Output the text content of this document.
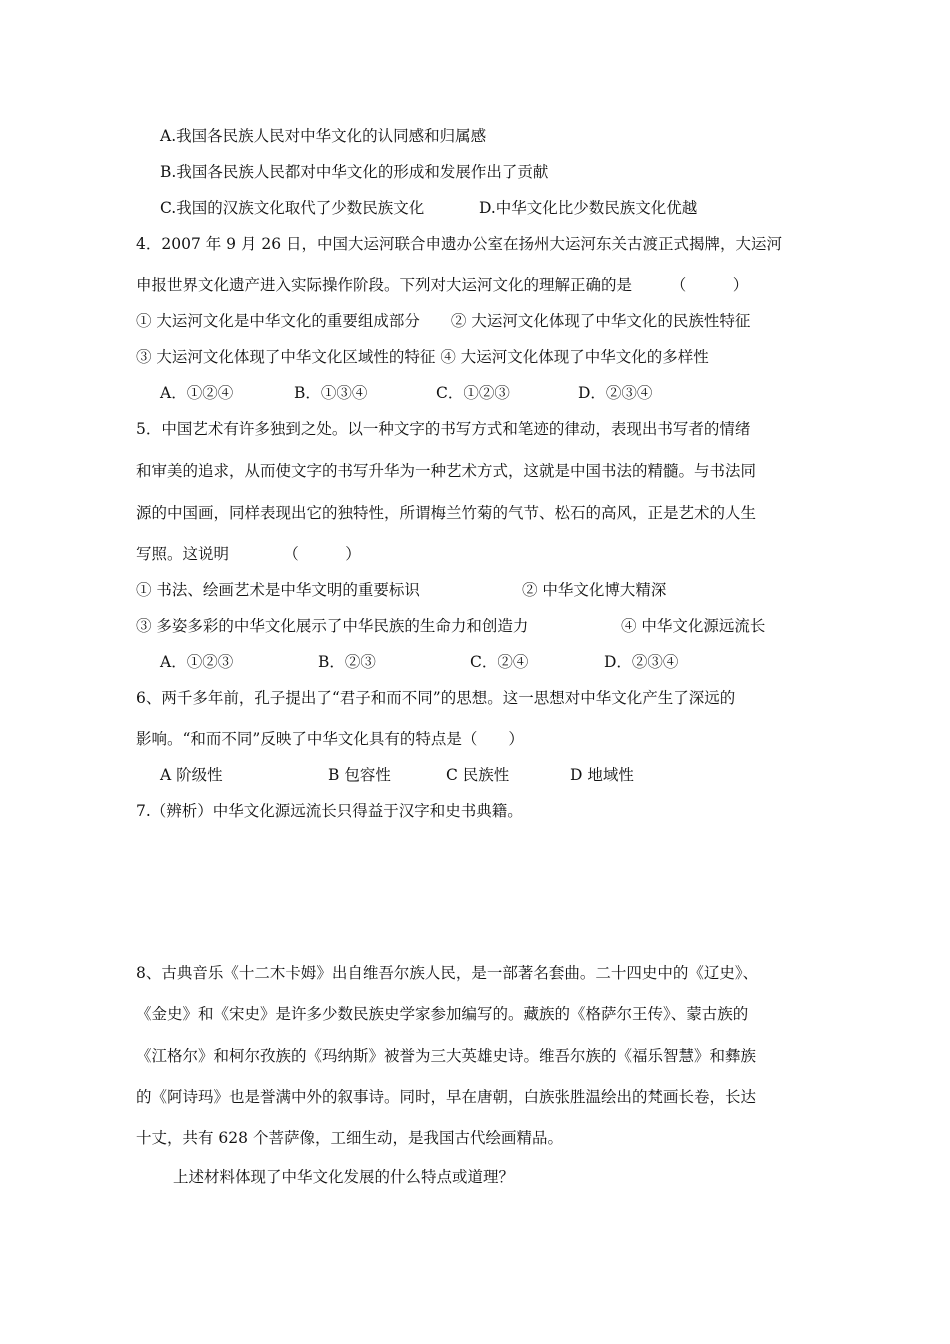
A.我国各民族人民对中华文化的认同感和归属感
B.我国各民族人民都对中华文化的形成和发展作出了贡献
C.我国的汉族文化取代了少数民族文化	D.中华文化比少数民族文化优越
4．2007 年 9 月 26 日，中国大运河联合申遗办公室在扬州大运河东关古渡正式揭牌，大运河
申报世界文化遗产进入实际操作阶段。下列对大运河文化的理解正确的是　　　（　　　）
① 大运河文化是中华文化的重要组成部分　　② 大运河文化体现了中华文化的民族性特征
③ 大运河文化体现了中华文化区域性的特征 ④ 大运河文化体现了中华文化的多样性
A．①②④	B．①③④	C．①②③	D．②③④
5．中国艺术有许多独到之处。以一种文字的书写方式和笔迹的律动，表现出书写者的情绪
和审美的追求，从而使文字的书写升华为一种艺术方式，这就是中国书法的精髓。与书法同
源的中国画，同样表现出它的独特性，所谓梅兰竹菊的气节、松石的高风，正是艺术的人生
写照。这说明　　　　（　　　）
① 书法、绘画艺术是中华文明的重要标识	② 中华文化博大精深
③ 多姿多彩的中华文化展示了中华民族的生命力和创造力	④ 中华文化源远流长
A．①②③	B．②③	C．②④	D．②③④
6、两千多年前，孔子提出了“君子和而不同”的思想。这一思想对中华文化产生了深远的
影响。“和而不同”反映了中华文化具有的特点是（　　）
A 阶级性	B 包容性	C 民族性	D 地域性
7.（辨析）中华文化源远流长只得益于汉字和史书典籍。
8、古典音乐《十二木卡姆》出自维吾尔族人民，是一部著名套曲。二十四史中的《辽史》、
《金史》和《宋史》是许多少数民族史学家参加编写的。藏族的《格萨尔王传》、蒙古族的
《江格尔》和柯尔孜族的《玛纳斯》被誉为三大英雄史诗。维吾尔族的《福乐智慧》和彝族
的《阿诗玛》也是誉满中外的叙事诗。同时，早在唐朝，白族张胜温绘出的梵画长卷，长达
十丈，共有 628 个菩萨像，工细生动，是我国古代绘画精品。
上述材料体现了中华文化发展的什么特点或道理？
